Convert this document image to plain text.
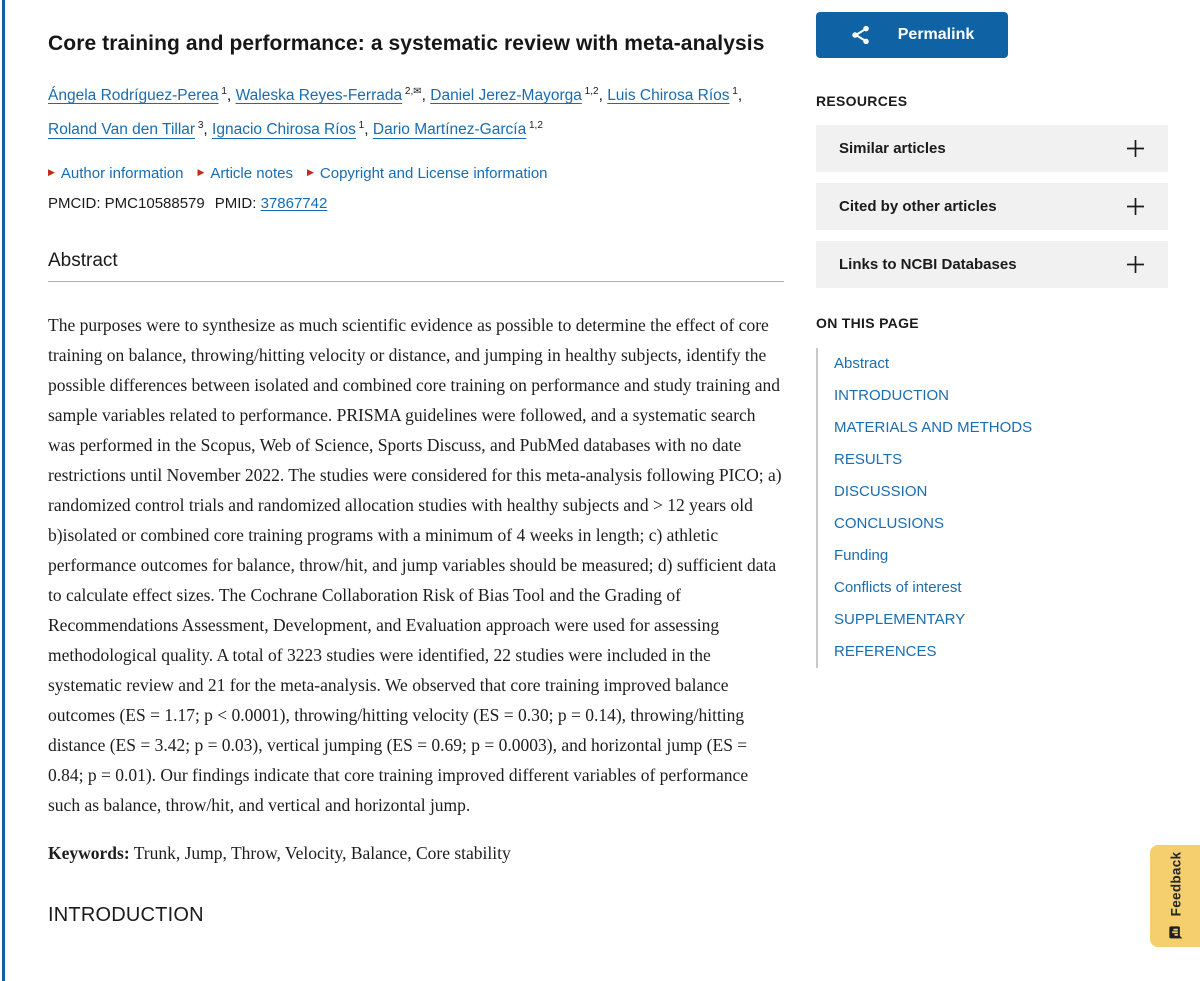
Core training and performance: a systematic review with meta-analysis

Ángela Rodríguez-Perea $^1$, Waleska Reyes-Ferrada $^{2,✉}$, Daniel Jerez-Mayorga $^{1,2}$, Luis Chirosa Ríos $^1$, Roland Van den Tillar $^3$, Ignacio Chirosa Ríos $^1$, Dario Martínez-García $^{1,2}$

▶ Author information ▶ Article notes ▶ Copyright and License information

PMCID: PMC10588579 PMID: 37867742

Abstract

The purposes were to synthesize as much scientific evidence as possible to determine the effect of core training on balance, throwing/hitting velocity or distance, and jumping in healthy subjects, identify the possible differences between isolated and combined core training on performance and study training and sample variables related to performance. PRISMA guidelines were followed, and a systematic search was performed in the Scopus, Web of Science, Sports Discuss, and PubMed databases with no date restrictions until November 2022. The studies were considered for this meta-analysis following PICO; a) randomized control trials and randomized allocation studies with healthy subjects and > 12 years old b)isolated or combined core training programs with a minimum of 4 weeks in length; c) athletic performance outcomes for balance, throw/hit, and jump variables should be measured; d) sufficient data to calculate effect sizes. The Cochrane Collaboration Risk of Bias Tool and the Grading of Recommendations Assessment, Development, and Evaluation approach were used for assessing methodological quality. A total of 3223 studies were identified, 22 studies were included in the systematic review and 21 for the meta-analysis. We observed that core training improved balance outcomes (ES = 1.17; p < 0.0001), throwing/hitting velocity (ES = 0.30; p = 0.14), throwing/hitting distance (ES = 3.42; p = 0.03), vertical jumping (ES = 0.69; p = 0.0003), and horizontal jump (ES = 0.84; p = 0.01). Our findings indicate that core training improved different variables of performance such as balance, throw/hit, and vertical and horizontal jump.

Keywords: Trunk, Jump, Throw, Velocity, Balance, Core stability

INTRODUCTION
Permalink
RESOURCES
Similar articles
Cited by other articles
Links to NCBI Databases
ON THIS PAGE
Abstract
INTRODUCTION
MATERIALS AND METHODS
RESULTS
DISCUSSION
CONCLUSIONS
Funding
Conflicts of interest
SUPPLEMENTARY
REFERENCES
Feedback
